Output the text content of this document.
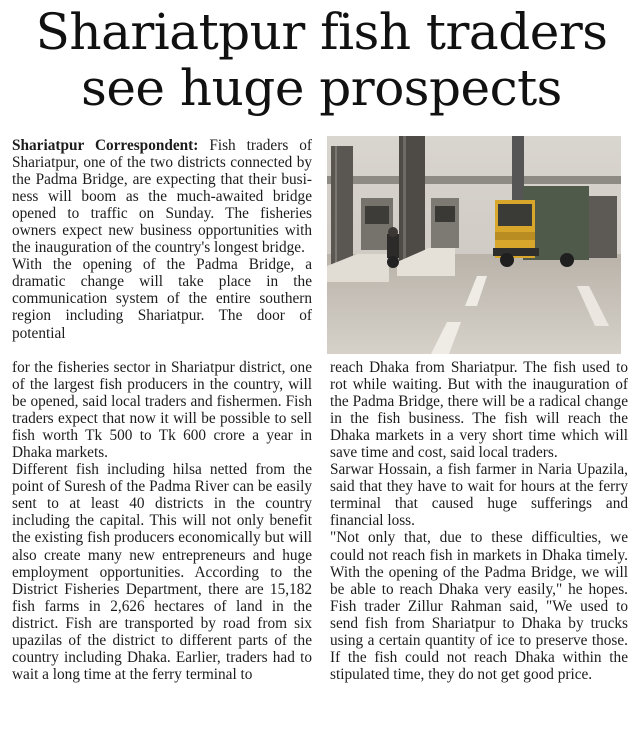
Shariatpur fish traders
see huge prospects

Shariatpur Correspondent: Fish traders of Shariatpur, one of the two districts connected by the Padma Bridge, are expecting that their business will boom as the much-awaited bridge opened to traffic on Sunday. The fisheries owners expect new business opportunities with the inauguration of the country's longest bridge.

With the opening of the Padma Bridge, a dramatic change will take place in the communication system of the entire southern region including Shariatpur. The door of potential

for the fisheries sector in Shariatpur district, one of the largest fish producers in the country, will be opened, said local traders and fishermen. Fish traders expect that now it will be possible to sell fish worth Tk 500 to Tk 600 crore a year in Dhaka markets.

Different fish including hilsa netted from the point of Suresh of the Padma River can be easily sent to at least 40 districts in the country including the capital. This will not only benefit the existing fish producers economically but will also create many new entrepreneurs and huge employment opportunities. According to the District Fisheries Department, there are 15,182 fish farms in 2,626 hectares of land in the district. Fish are transported by road from six upazilas of the district to different parts of the country including Dhaka. Earlier, traders had to wait a long time at the ferry terminal to

reach Dhaka from Shariatpur. The fish used to rot while waiting. But with the inauguration of the Padma Bridge, there will be a radical change in the fish business. The fish will reach the Dhaka markets in a very short time which will save time and cost, said local traders.

Sarwar Hossain, a fish farmer in Naria Upazila, said that they have to wait for hours at the ferry terminal that caused huge sufferings and financial loss.

"Not only that, due to these difficulties, we could not reach fish in markets in Dhaka timely. With the opening of the Padma Bridge, we will be able to reach Dhaka very easily," he hopes. Fish trader Zillur Rahman said, "We used to send fish from Shariatpur to Dhaka by trucks using a certain quantity of ice to preserve those. If the fish could not reach Dhaka within the stipulated time, they do not get good price.
